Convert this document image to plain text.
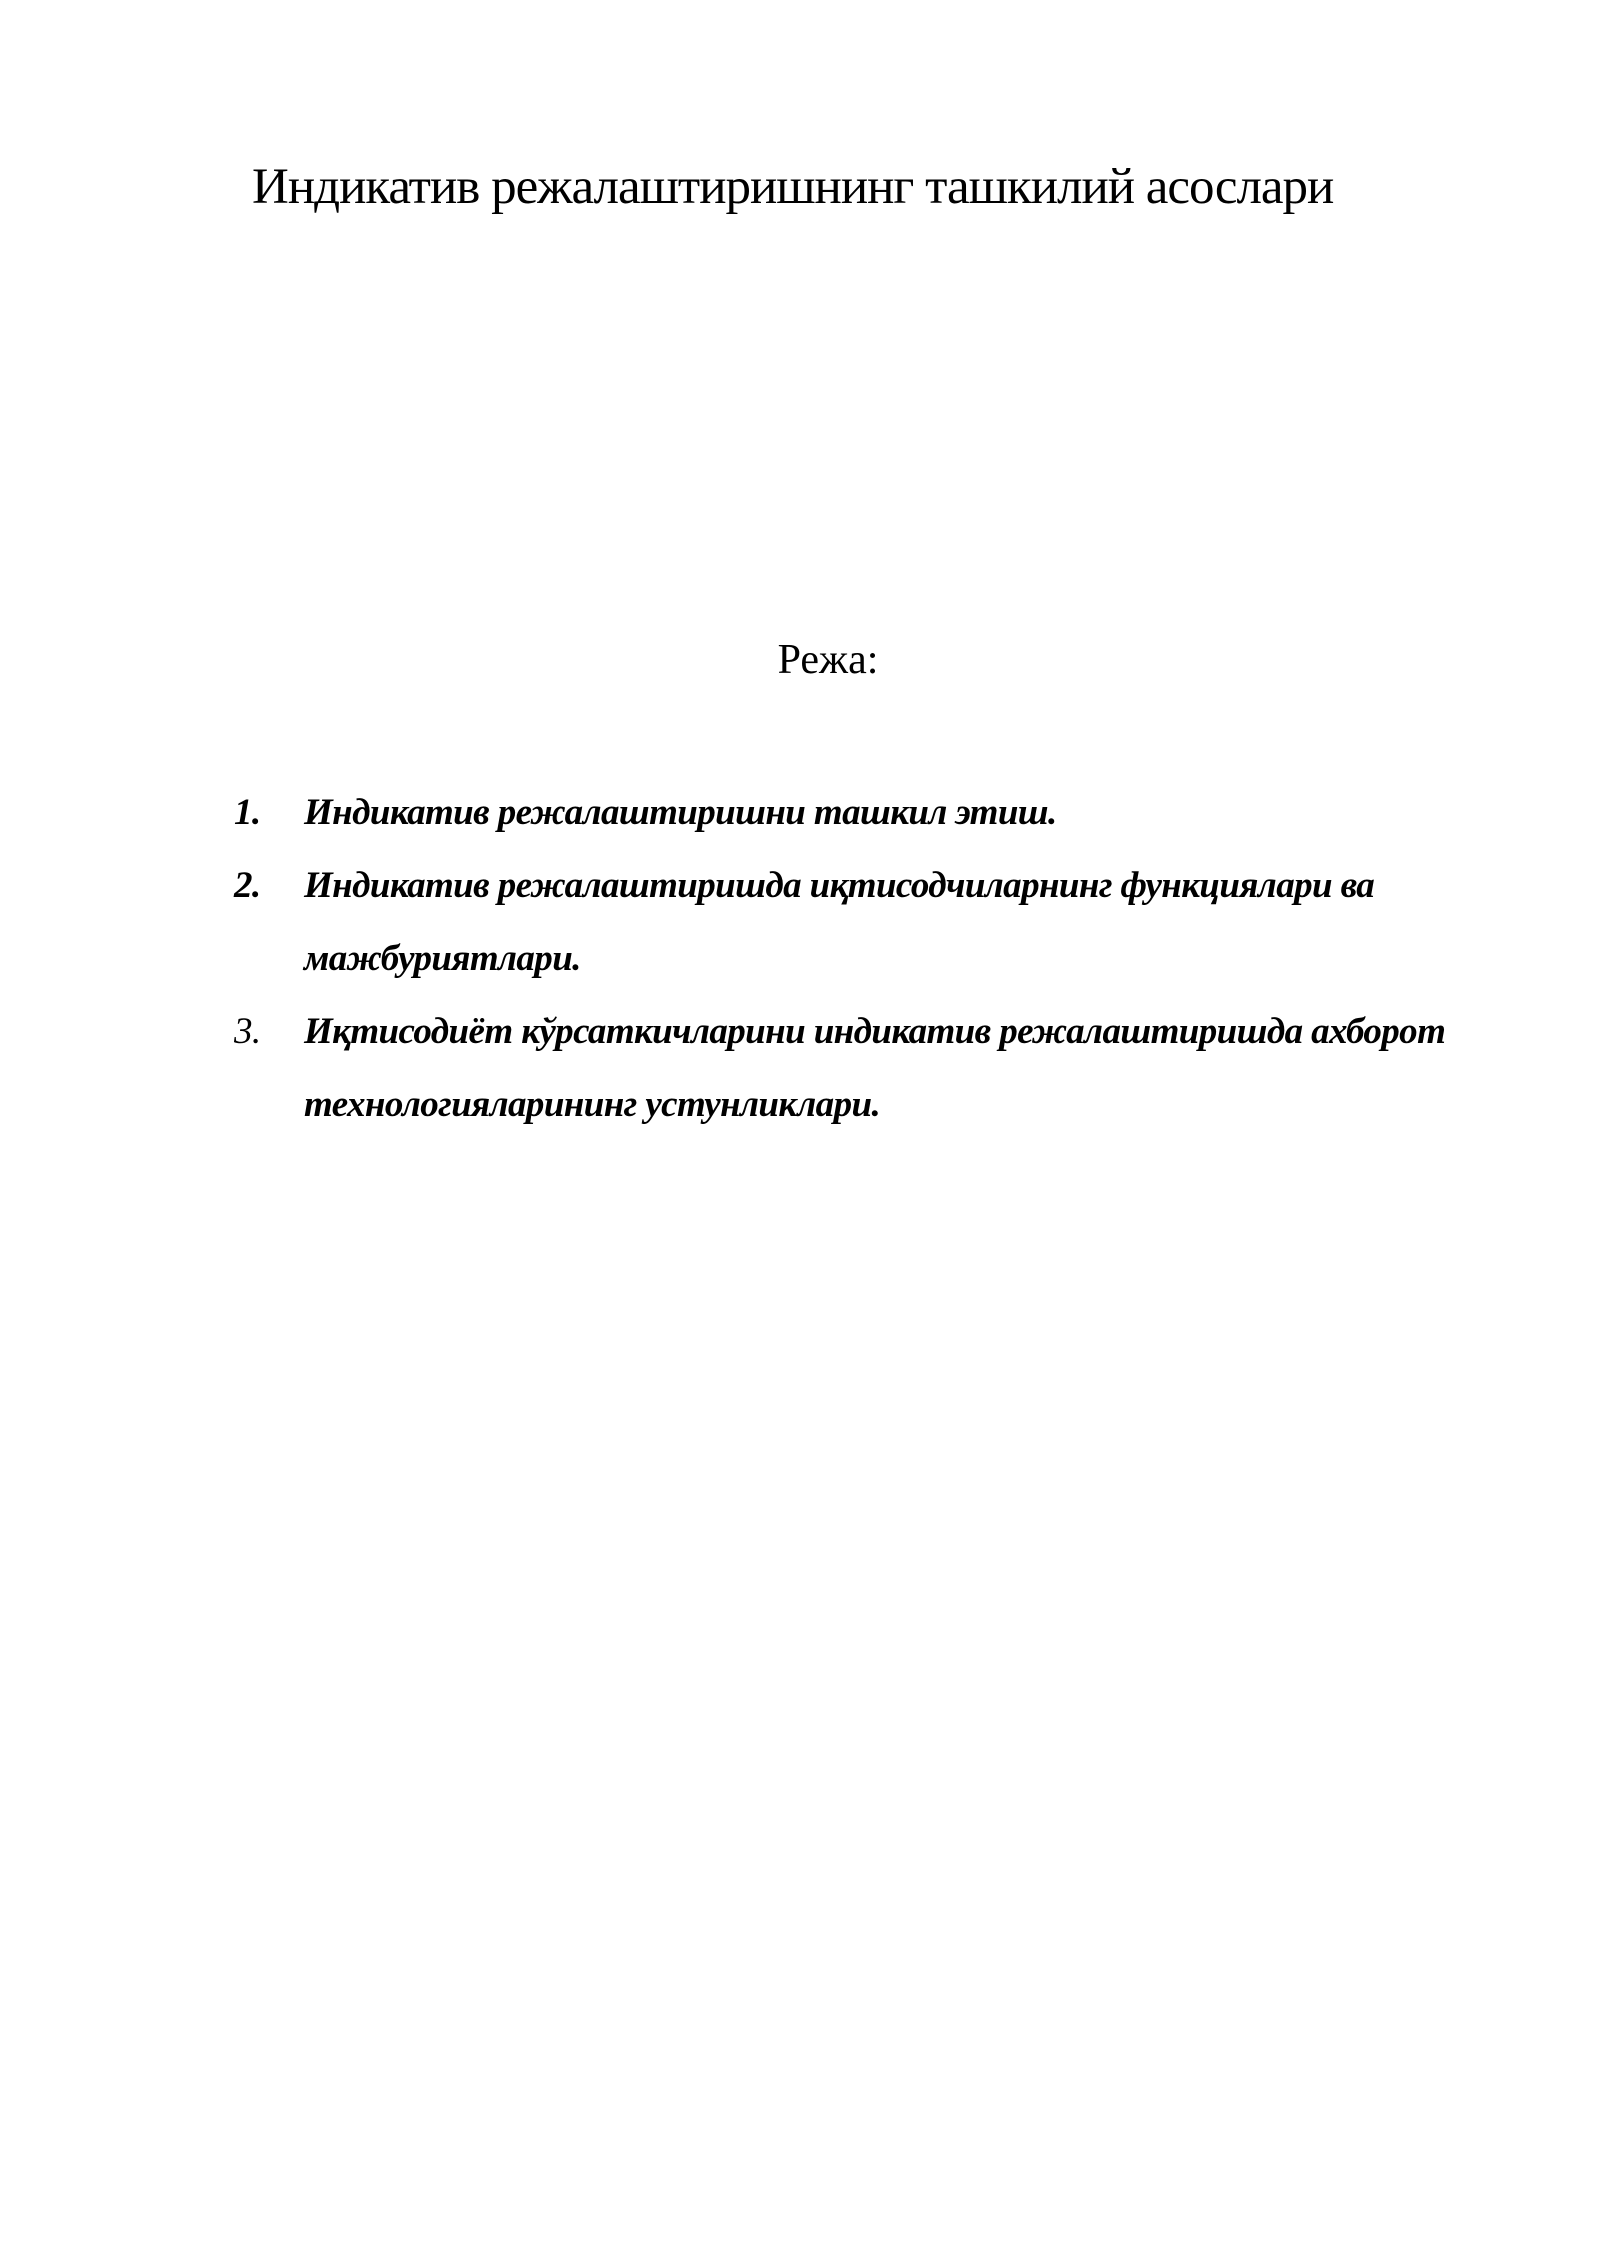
Индикатив режалаштиришнинг ташкилий асослари
Режа:
1. Индикатив режалаштиришни ташкил этиш.
2. Индикатив режалаштиришда иқтисодчиларнинг функциялари ва мажбуриятлари.
3. Иқтисодиёт кўрсаткичларини индикатив режалаштиришда ахборот технологияларининг устунликлари.
